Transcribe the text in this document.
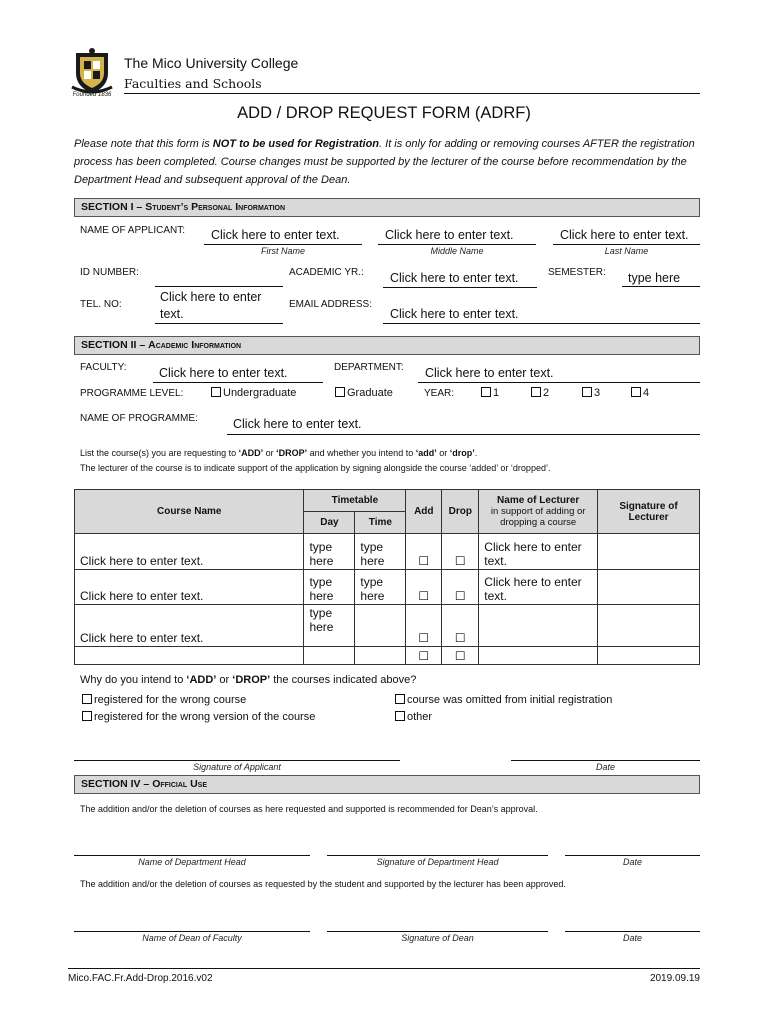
Founded 1836
The Mico University College
Faculties and Schools
ADD / DROP REQUEST FORM (ADRF)
Please note that this form is NOT to be used for Registration. It is only for adding or removing courses AFTER the registration process has been completed. Course changes must be supported by the lecturer of the course before recommendation by the Department Head and subsequent approval of the Dean.
SECTION I – Student’s Personal Information
NAME OF APPLICANT: Click here to enter text.
First Name
Click here to enter text.
Middle Name
Click here to enter text.
Last Name
ID NUMBER:	ACADEMIC YR.: Click here to enter text.	SEMESTER: type here
TEL. NO:
Click here to enter text.
EMAIL ADDRESS:
Click here to enter text.
SECTION II – Academic Information
FACULTY:	Click here to enter text.	DEPARTMENT: Click here to enter text.
PROGRAMME LEVEL:	Undergraduate	Graduate	YEAR:	1	2	3	4
NAME OF PROGRAMME:	Click here to enter text.
List the course(s) you are requesting to ‘ADD’ or ‘DROP’ and whether you intend to ‘add’ or ‘drop’.
The lecturer of the course is to indicate support of the application by signing alongside the course ‘added’ or ‘dropped’.
Course Name	Timetable		Add	Drop	Name of Lecturer
in support of adding or dropping a course	Signature of Lecturer
	Day	Time				
Click here to enter text.	type here	type here	☐	☐	Click here to enter text.	
Click here to enter text.	type here	type here	☐	☐	Click here to enter text.	
Click here to enter text.	type here		☐	☐		
			☐	☐		
Why do you intend to ‘ADD’ or ‘DROP’ the courses indicated above?
registered for the wrong course	course was omitted from initial registration
registered for the wrong version of the course	other
Signature of Applicant	Date
SECTION IV – Official Use
The addition and/or the deletion of courses as here requested and supported is recommended for Dean’s approval.
Name of Department Head	Signature of Department Head	Date
The addition and/or the deletion of courses as requested by the student and supported by the lecturer has been approved.
Name of Dean of Faculty	Signature of Dean	Date
Mico.FAC.Fr.Add-Drop.2016.v02	2019.09.19
